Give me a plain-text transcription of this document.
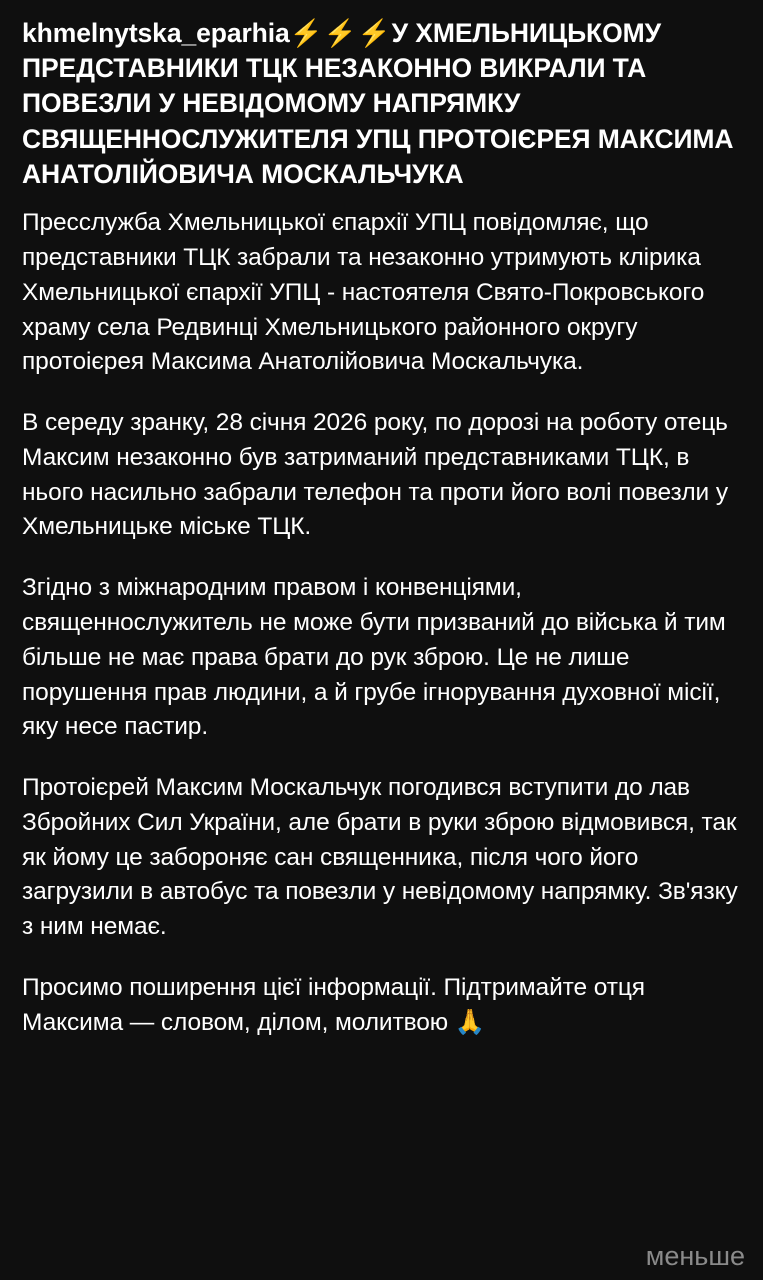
khmelnytska_eparhia⚡️⚡️⚡️У ХМЕЛЬНИЦЬКОМУ ПРЕДСТАВНИКИ ТЦК НЕЗАКОННО ВИКРАЛИ ТА ПОВЕЗЛИ У НЕВІДОМОМУ НАПРЯМКУ СВЯЩЕННОСЛУЖИТЕЛЯ УПЦ ПРОТОІЄРЕЯ МАКСИМА АНАТОЛІЙОВИЧА МОСКАЛЬЧУКА

Пресслужба Хмельницької єпархії УПЦ повідомляє, що представники ТЦК забрали та незаконно утримують клірика Хмельницької єпархії УПЦ - настоятеля Свято-Покровського храму села Редвинці Хмельницького районного округу протоієрея Максима Анатолійовича Москальчука.

В середу зранку, 28 січня 2026 року, по дорозі на роботу отець Максим незаконно був затриманий представниками ТЦК, в нього насильно забрали телефон та проти його волі повезли у Хмельницьке міське ТЦК.

Згідно з міжнародним правом і конвенціями, священнослужитель не може бути призваний до війська й тим більше не має права брати до рук зброю. Це не лише порушення прав людини, а й грубе ігнорування духовної місії, яку несе пастир.

Протоієрей Максим Москальчук погодився вступити до лав Збройних Сил України, але брати в руки зброю відмовився, так як йому це забороняє сан священника, після чого його загрузили в автобус та повезли у невідомому напрямку. Зв'язку з ним немає.

Просимо поширення цієї інформації. Підтримайте отця Максима — словом, ділом, молитвою 🙏

меньше
